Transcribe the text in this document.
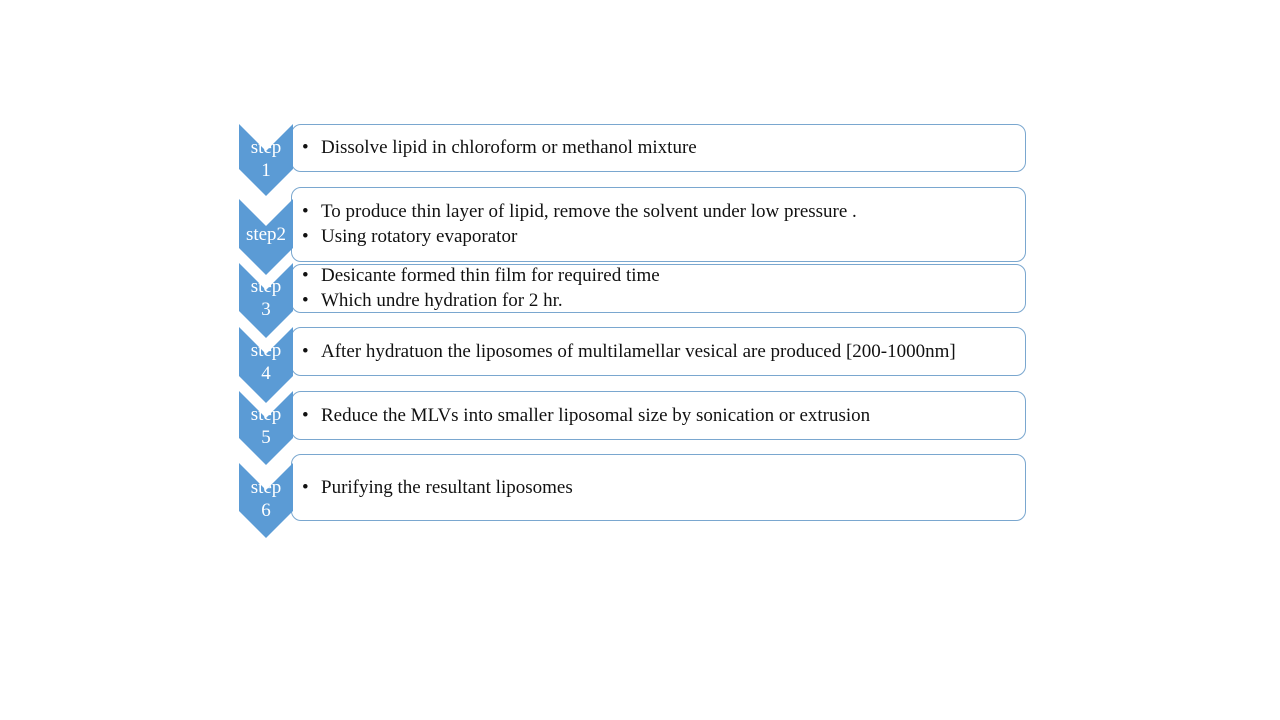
• Dissolve lipid in chloroform or methanol mixture
step
1
• To produce thin layer of lipid, remove the solvent under low pressure .
• Using rotatory evaporator
step2
• Desicante formed thin film for required time
• Which undre hydration for 2 hr.
step
3
• After hydratuon the liposomes of multilamellar vesical are produced [200-1000nm]
step
4
• Reduce the MLVs into smaller liposomal size by sonication or extrusion
step
5
• Purifying the resultant liposomes
step
6
